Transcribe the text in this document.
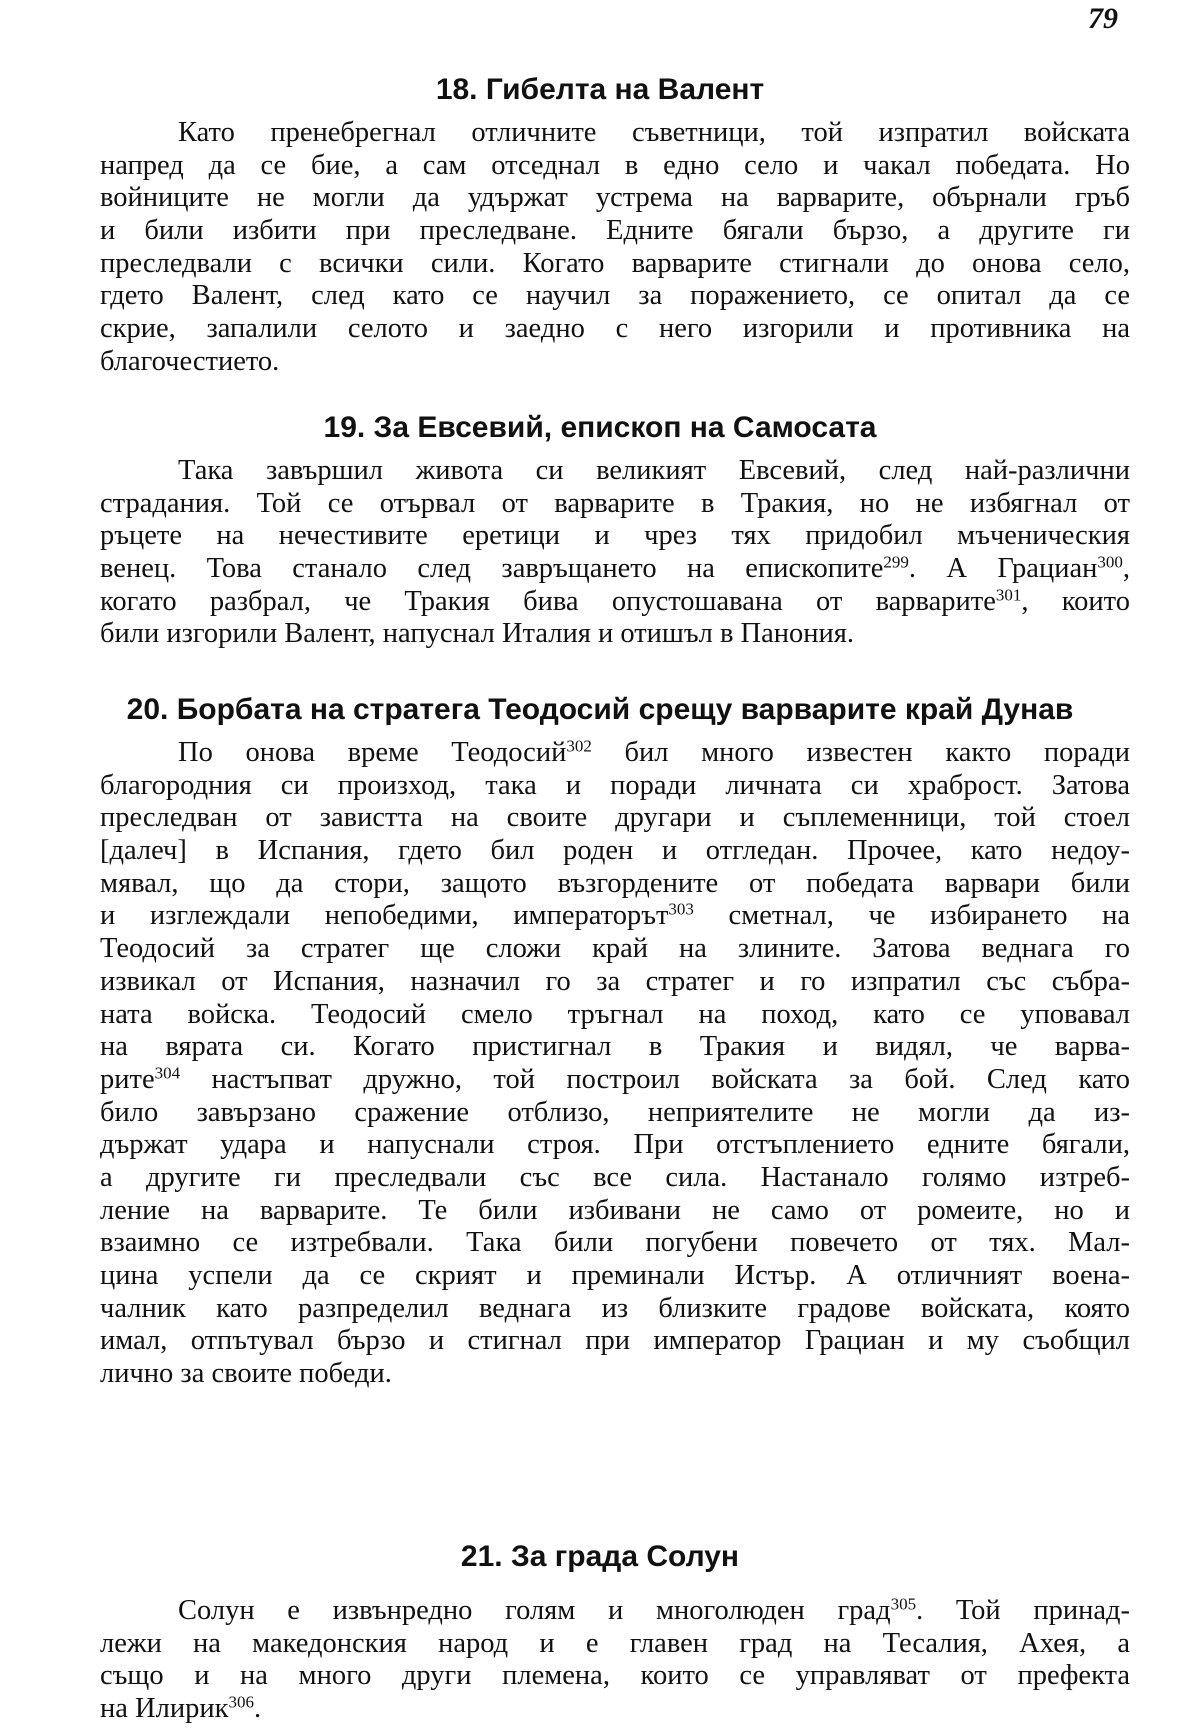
79
18. Гибелта на Валент
Като пренебрегнал отличните съветници, той изпратил войската
напред да се бие, а сам отседнал в едно село и чакал победата. Но
войниците не могли да удържат устрема на варварите, обърнали гръб
и били избити при преследване. Едните бягали бързо, а другите ги
преследвали с всички сили. Когато варварите стигнали до онова село,
гдето Валент, след като се научил за поражението, се опитал да се
скрие, запалили селото и заедно с него изгорили и противника на
благочестието.
19. За Евсевий, епископ на Самосата
Така завършил живота си великият Евсевий, след най-различни
страдания. Той се отървал от варварите в Тракия, но не избягнал от
ръцете на нечестивите еретици и чрез тях придобил мъченическия
венец. Това станало след завръщането на епископите$^{299}$. А Грациан$^{300}$,
когато разбрал, че Тракия бива опустошавана от варварите$^{301}$, които
били изгорили Валент, напуснал Италия и отишъл в Панония.
20. Борбата на стратега Теодосий срещу варварите край Дунав
По онова време Теодосий$^{302}$ бил много известен както поради
благородния си произход, така и поради личната си храброст. Затова
преследван от завистта на своите другари и съплеменници, той стоел
[далеч] в Испания, гдето бил роден и отгледан. Прочее, като недоу-
мявал, що да стори, защото възгордените от победата варвари били
и изглеждали непобедими, императорът$^{303}$ сметнал, че избирането на
Теодосий за стратег ще сложи край на злините. Затова веднага го
извикал от Испания, назначил го за стратег и го изпратил със събра-
ната войска. Теодосий смело тръгнал на поход, като се уповавал
на вярата си. Когато пристигнал в Тракия и видял, че варва-
рите$^{304}$ настъпват дружно, той построил войската за бой. След като
било завързано сражение отблизо, неприятелите не могли да из-
държат удара и напуснали строя. При отстъплението едните бягали,
а другите ги преследвали със все сила. Настанало голямо изтреб-
ление на варварите. Те били избивани не само от ромеите, но и
взаимно се изтребвали. Така били погубени повечето от тях. Мал-
цина успели да се скрият и преминали Истър. А отличният воена-
чалник като разпределил веднага из близките градове войската, която
имал, отпътувал бързо и стигнал при император Грациан и му съобщил
лично за своите победи.
21. За града Солун
Солун е извънредно голям и многолюден град$^{305}$. Той принад-
лежи на македонския народ и е главен град на Тесалия, Ахея, а
също и на много други племена, които се управляват от префекта
на Илирик$^{306}$.
